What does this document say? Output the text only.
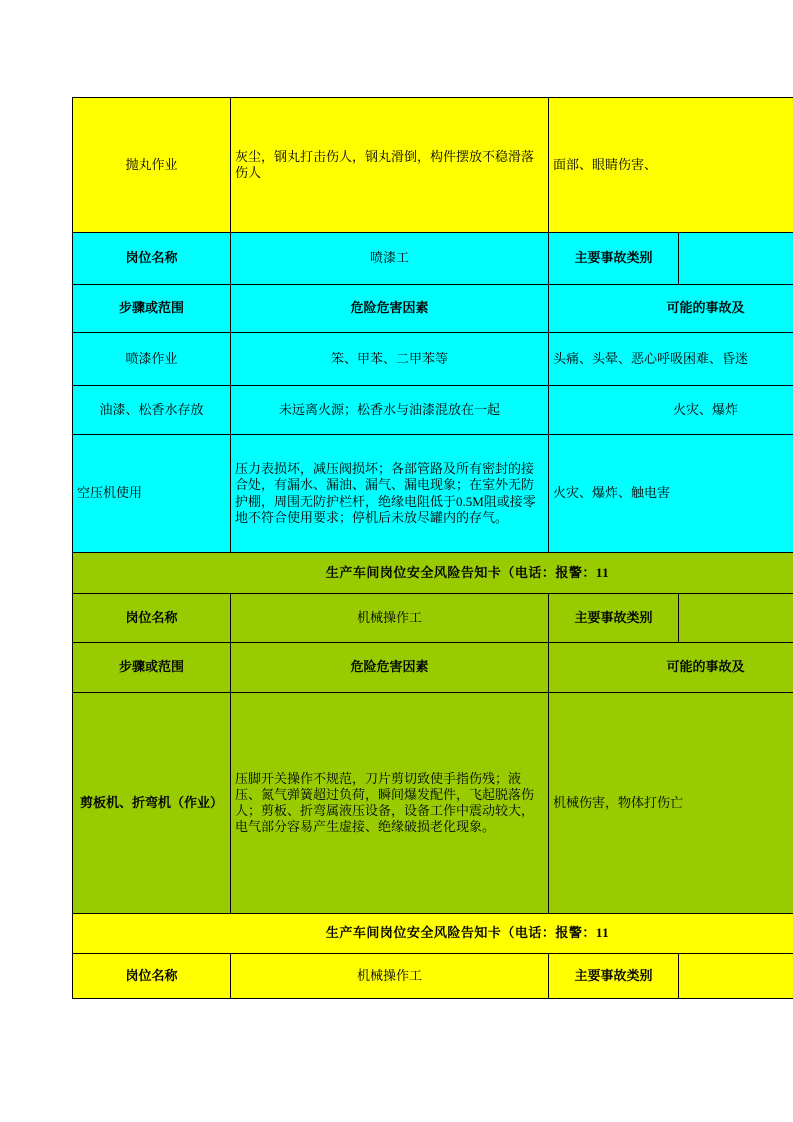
抛丸作业	灰尘，钢丸打击伤人，钢丸滑倒，构件摆放不稳滑落伤人	面部、眼睛伤害、	
岗位名称	喷漆工	主要事故类别	
步骤或范围	危险危害因素	可能的事故及	
喷漆作业	笨、甲苯、二甲苯等	头痛、头晕、恶心呼吸困难、昏迷	
油漆、松香水存放	未远离火源；松香水与油漆混放在一起	火灾、爆炸	
空压机使用	压力表损坏，减压阀损坏；各部管路及所有密封的接合处，有漏水、漏油、漏气、漏电现象；在室外无防护棚，周围无防护栏杆，绝缘电阻低于0.5M阻或接零地不符合使用要求；停机后未放尽罐内的存气。	火灾、爆炸、触电害	
生产车间岗位安全风险告知卡（电话：报警：11			
岗位名称	机械操作工	主要事故类别	
步骤或范围	危险危害因素	可能的事故及	
剪板机、折弯机（作业）	压脚开关操作不规范，刀片剪切致使手指伤残；液压、氮气弹簧超过负荷，瞬间爆发配件，飞起脱落伤人；剪板、折弯属液压设备，设备工作中震动较大，电气部分容易产生虚接、绝缘破损老化现象。	机械伤害，物体打伤亡	
生产车间岗位安全风险告知卡（电话：报警：11			
岗位名称	机械操作工	主要事故类别	
